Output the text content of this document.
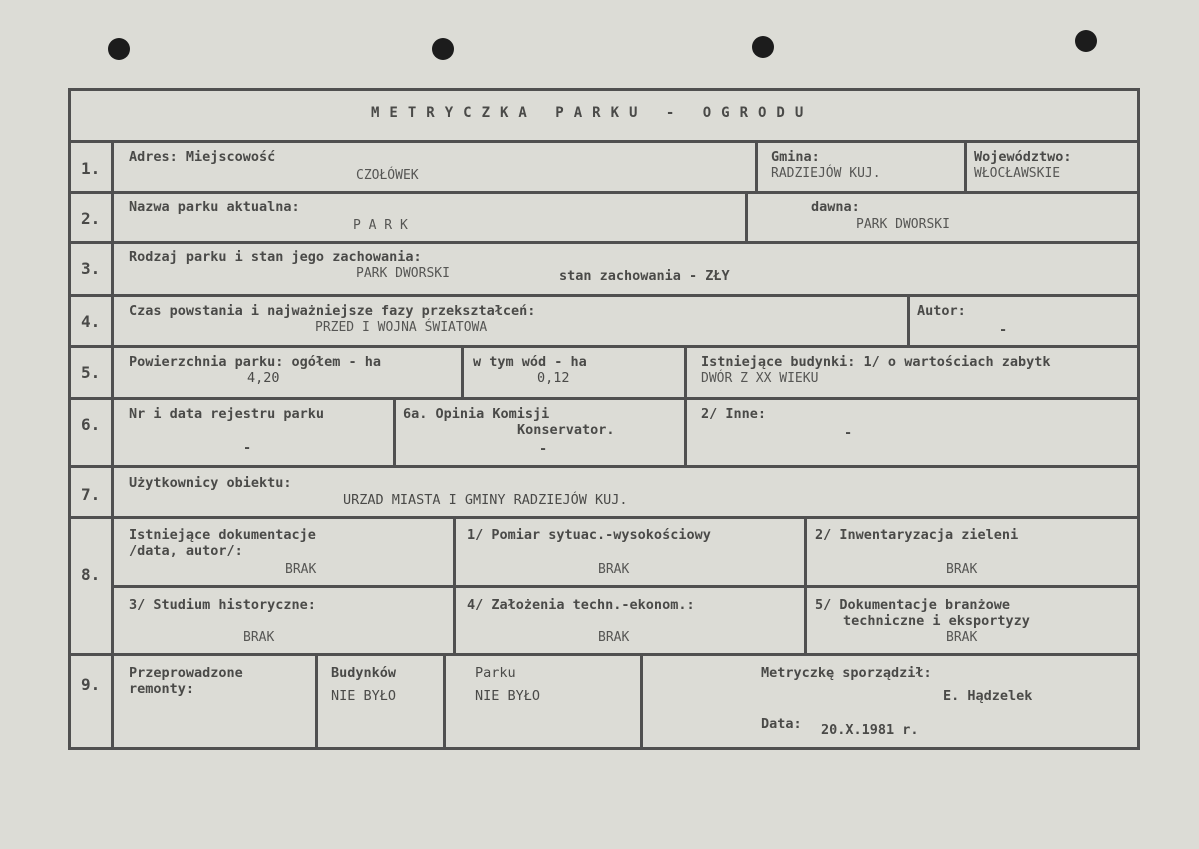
METRYCZKA PARKU - OGRODU
1.
2.
3.
4.
5.
6.
7.
8.
9.
Adres: Miejscowość
CZOŁÓWEK
Gmina:
RADZIEJÓW KUJ.
Województwo:
WŁOCŁAWSKIE
Nazwa parku aktualna:
P A R K
dawna:
PARK DWORSKI
Rodzaj parku i stan jego zachowania:
PARK DWORSKI	stan zachowania - ZŁY
Czas powstania i najważniejsze fazy przekształceń:
PRZED I WOJNA ŚWIATOWA
Autor:
-
Powierzchnia parku: ogółem - ha
4,20
w tym wód - ha
0,12
Istniejące budynki: 1/ o wartościach zabytk
DWÓR Z XX WIEKU
Nr i data rejestru parku
-
6a. Opinia Komisji
Konservator.
-
2/ Inne:
-
Użytkownicy obiektu:
URZAD MIASTA I GMINY RADZIEJÓW KUJ.
Istniejące dokumentacje
/data, autor/:
BRAK
1/ Pomiar sytuac.-wysokościowy
BRAK
2/ Inwentaryzacja zieleni
BRAK
3/ Studium historyczne:
BRAK
4/ Założenia techn.-ekonom.:
BRAK
5/ Dokumentacje branżowe
techniczne i eksportyzy
BRAK
Przeprowadzone
remonty:
Budynków
NIE BYŁO
Parku
NIE BYŁO
Metryczkę sporządził:
E. Hądzelek
Data: 20.X.1981 r.
